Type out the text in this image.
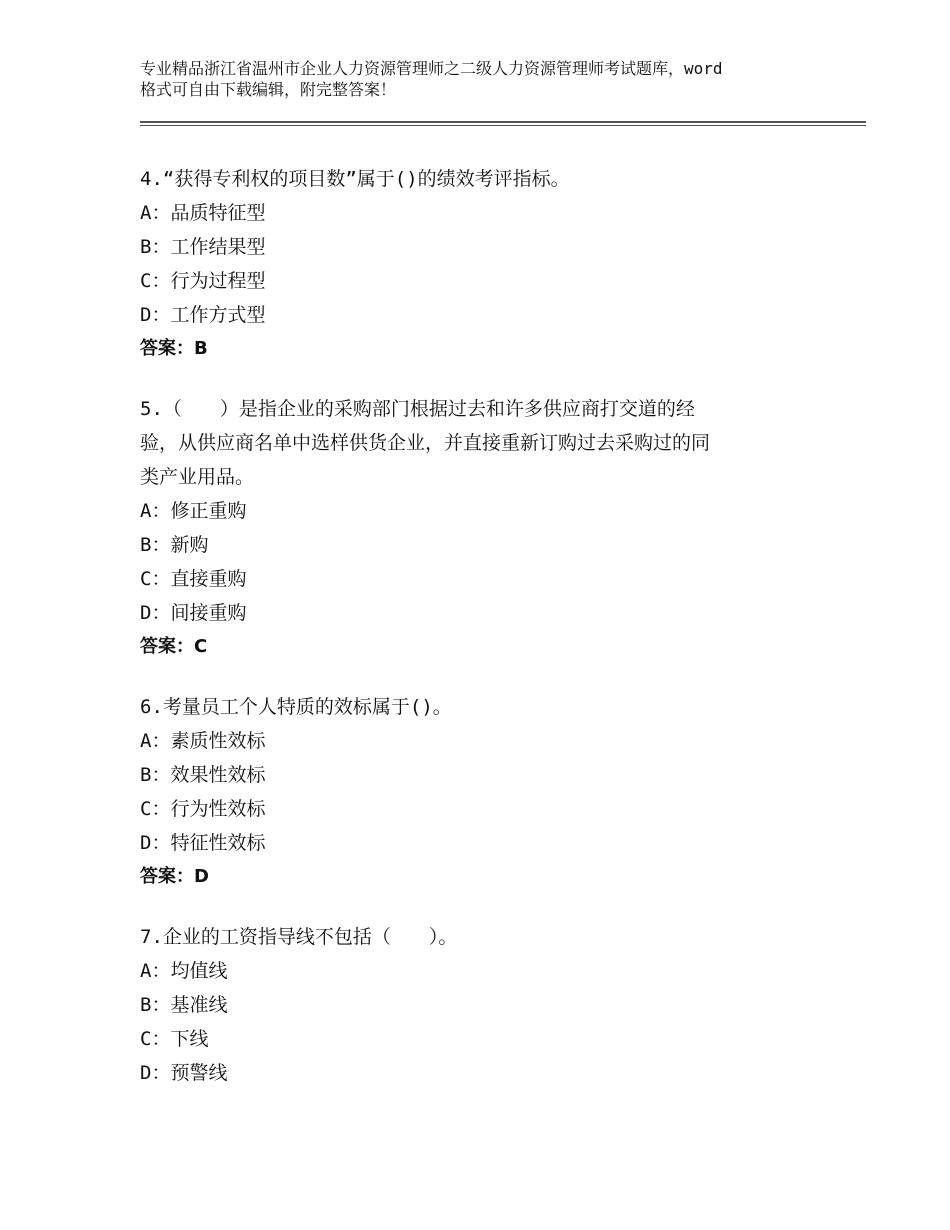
专业精品浙江省温州市企业人力资源管理师之二级人力资源管理师考试题库，word
格式可自由下载编辑，附完整答案！
4.“获得专利权的项目数”属于()的绩效考评指标。
A：品质特征型
B：工作结果型
C：行为过程型
D：工作方式型
答案：B
5.（　　）是指企业的采购部门根据过去和许多供应商打交道的经
验，从供应商名单中选样供货企业，并直接重新订购过去采购过的同
类产业用品。
A：修正重购
B：新购
C：直接重购
D：间接重购
答案：C
6.考量员工个人特质的效标属于()。
A：素质性效标
B：效果性效标
C：行为性效标
D：特征性效标
答案：D
7.企业的工资指导线不包括（　　）。
A：均值线
B：基准线
C：下线
D：预警线
